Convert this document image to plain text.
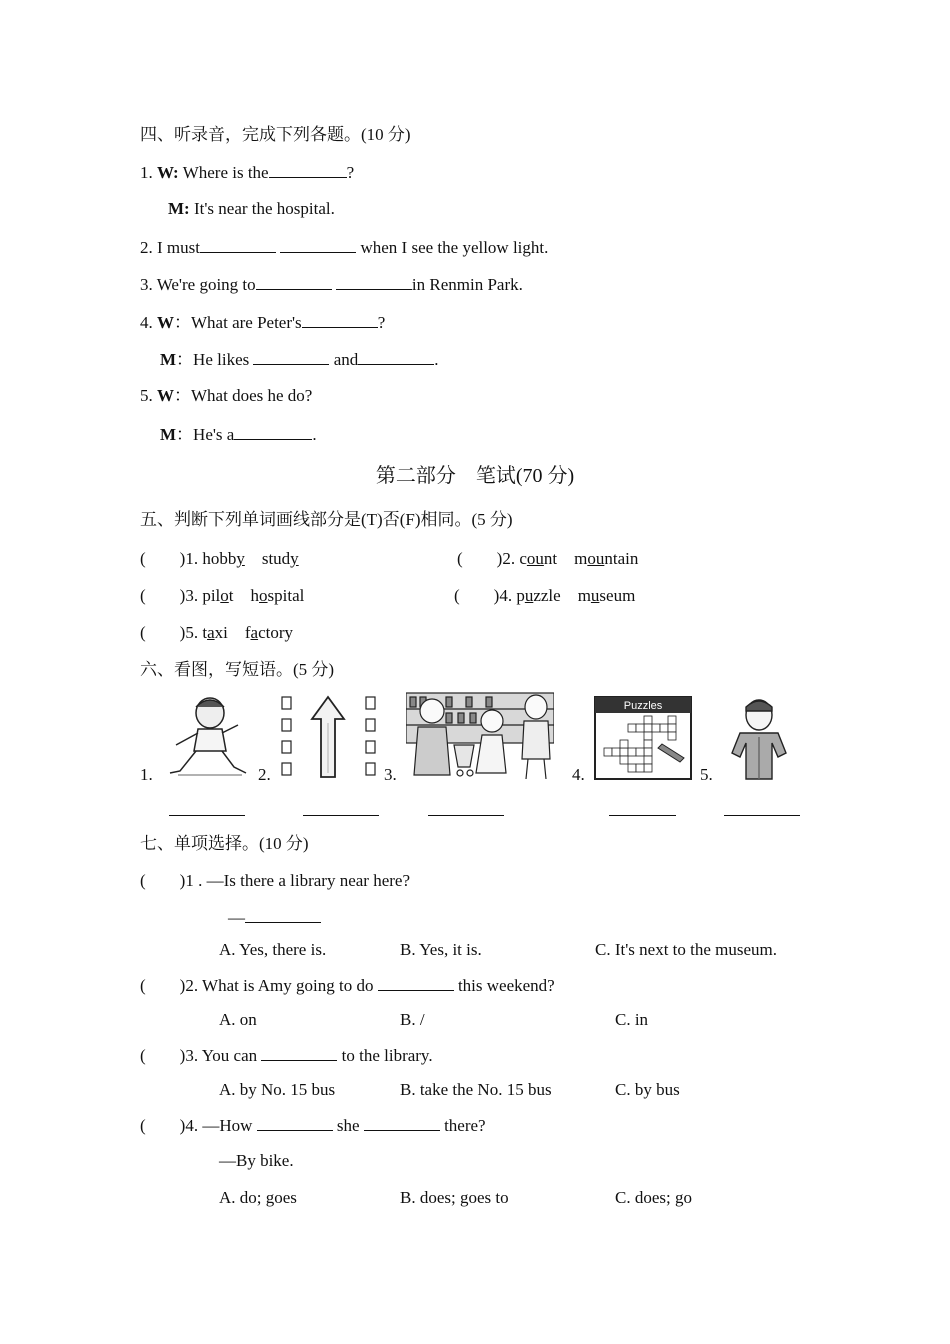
四、听录音，完成下列各题。(10 分)
1. W: Where is the	?
M: It's near the hospital.
2. I must	when I see the yellow light.
3. We're going to	in Renmin Park.
4. W：What are Peter's	?
M：He likes	and	.
5. W：What does he do?
M：He's a	.
第二部分　笔试(70 分)
五、判断下列单词画线部分是(T)否(F)相同。(5 分)
(　　)1. hobby study	(　　)2. count mountain
(　　)3. pilot hospital	(　　)4. puzzle museum
(　　)5. taxi factory
六、看图，写短语。(5 分)
1.	2.	3.	4.	5.
Puzzles
七、单项选择。(10 分)
(　　)1 . —Is there a library near here?
—
A. Yes, there is.	B. Yes, it is.	C. It's next to the museum.
(　　)2. What is Amy going to do	this weekend?
A. on	B. /	C. in
(　　)3. You can	to the library.
A. by No. 15 bus	B. take the No. 15 bus	C. by bus
(　　)4. —How	she	there?
—By bike.
A. do; goes	B. does; goes to	C. does; go
